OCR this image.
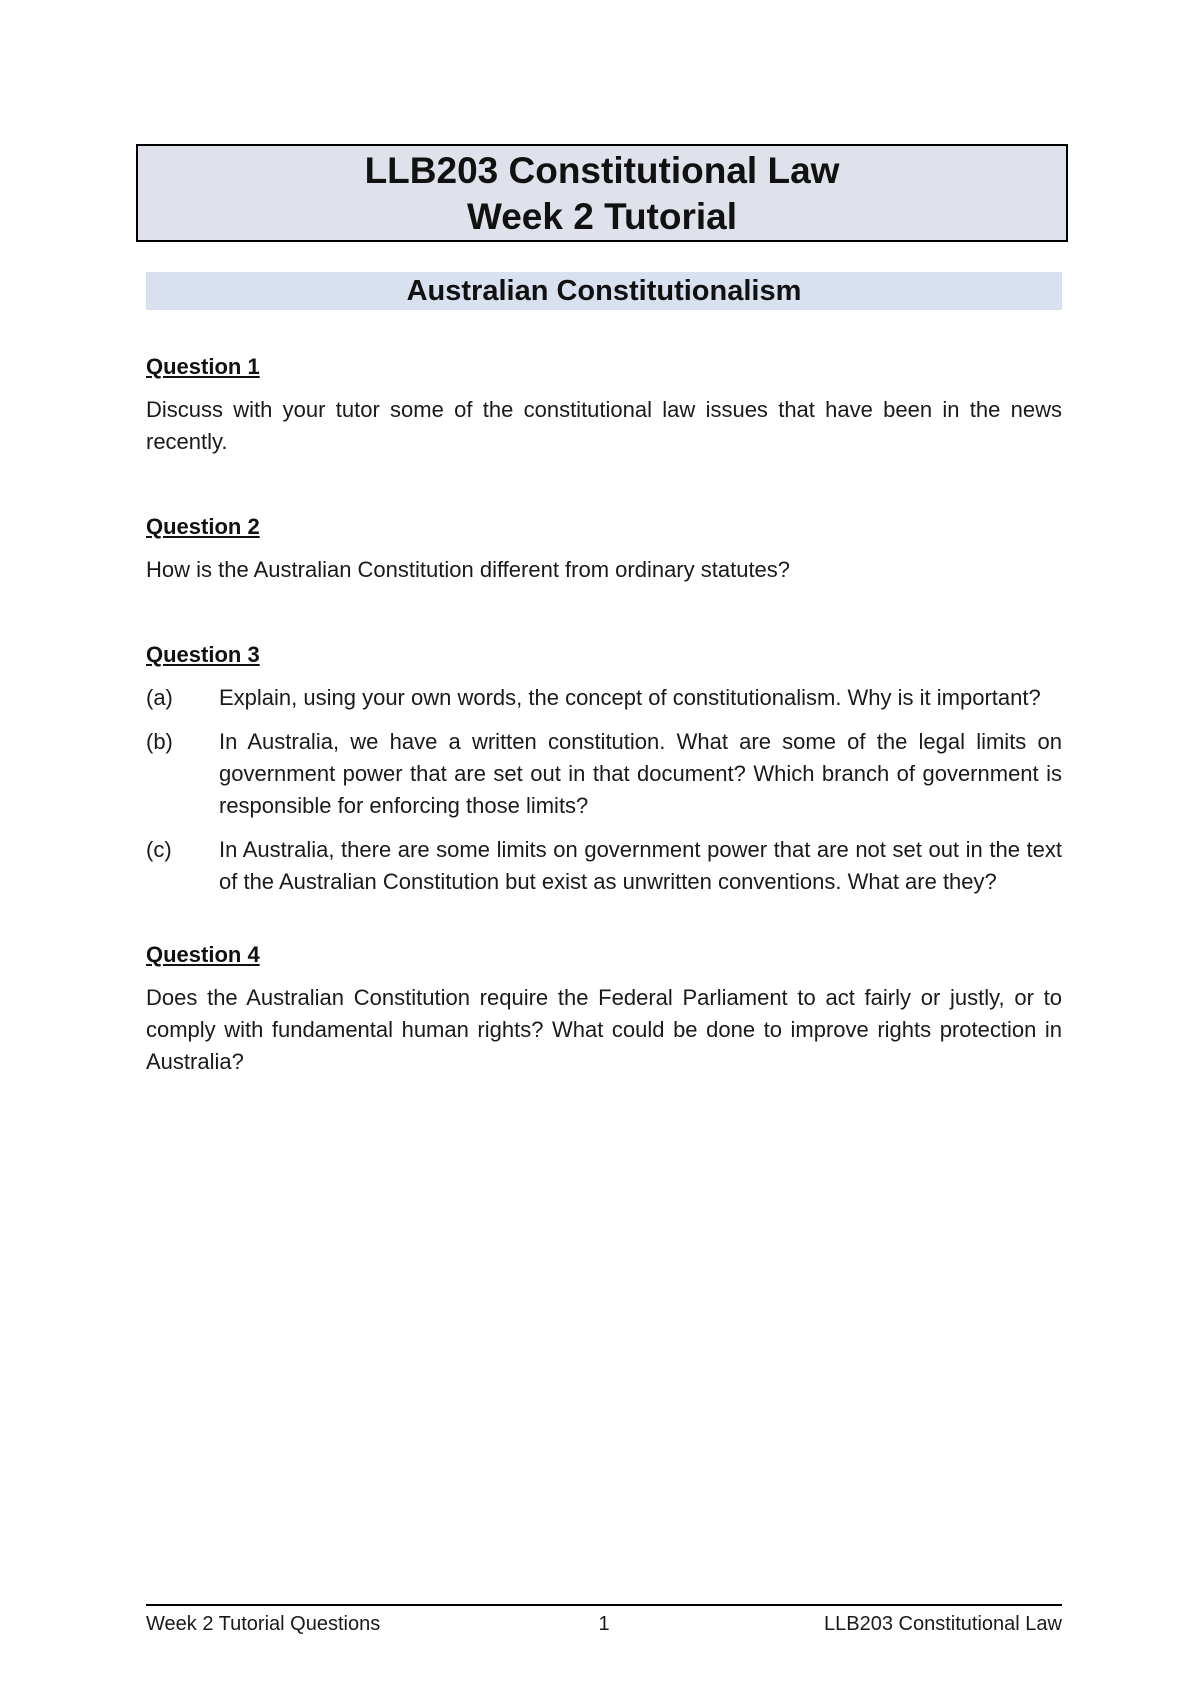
LLB203 Constitutional Law
Week 2 Tutorial
Australian Constitutionalism

Question 1

Discuss with your tutor some of the constitutional law issues that have been in the news recently.

Question 2

How is the Australian Constitution different from ordinary statutes?

Question 3

(a)	Explain, using your own words, the concept of constitutionalism. Why is it important?
(b)	In Australia, we have a written constitution. What are some of the legal limits on government power that are set out in that document? Which branch of government is responsible for enforcing those limits?
(c)	In Australia, there are some limits on government power that are not set out in the text of the Australian Constitution but exist as unwritten conventions. What are they?

Question 4

Does the Australian Constitution require the Federal Parliament to act fairly or justly, or to comply with fundamental human rights? What could be done to improve rights protection in Australia?

Week 2 Tutorial Questions	1	LLB203 Constitutional Law
